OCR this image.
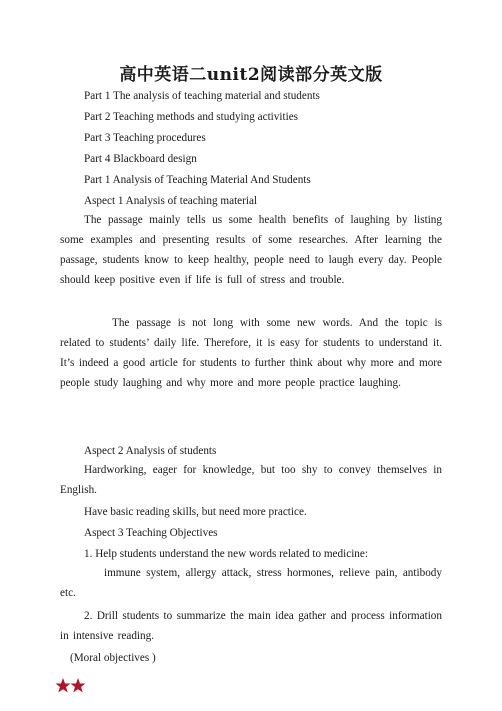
高中英语二unit2阅读部分英文版
Part 1 The analysis of teaching material and students
Part 2 Teaching methods and studying activities
Part 3 Teaching procedures
Part 4 Blackboard design
Part 1 Analysis of Teaching Material And Students
Aspect 1 Analysis of teaching material
The passage mainly tells us some health benefits of laughing by listing some examples and presenting results of some researches. After learning the passage, students know to keep healthy, people need to laugh every day. People should keep positive even if life is full of stress and trouble.
The passage is not long with some new words. And the topic is related to students’ daily life. Therefore, it is easy for students to understand it. It’s indeed a good article for students to further think about why more and more people study laughing and why more and more people practice laughing.
Aspect 2 Analysis of students
Hardworking, eager for knowledge, but too shy to convey themselves in English.
Have basic reading skills, but need more practice.
Aspect 3 Teaching Objectives
1. Help students understand the new words related to medicine:
immune system, allergy attack, stress hormones, relieve pain, antibody etc.
2. Drill students to summarize the main idea gather and process information in intensive reading.
(Moral objectives )
